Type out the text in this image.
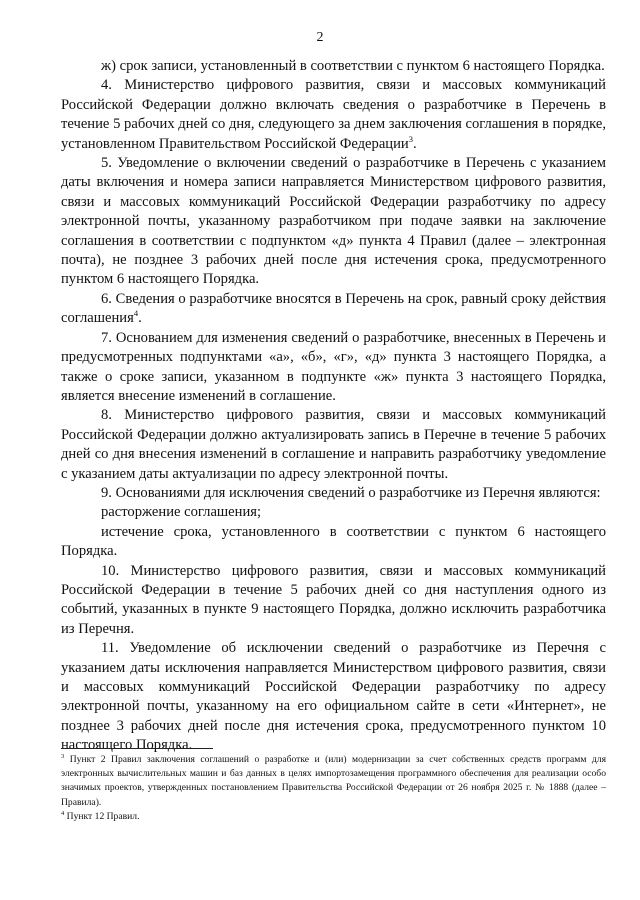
2

ж) срок записи, установленный в соответствии с пунктом 6 настоящего Порядка.

4. Министерство цифрового развития, связи и массовых коммуникаций Российской Федерации должно включать сведения о разработчике в Перечень в течение 5 рабочих дней со дня, следующего за днем заключения соглашения в порядке, установленном Правительством Российской Федерации$^3$.

5. Уведомление о включении сведений о разработчике в Перечень с указанием даты включения и номера записи направляется Министерством цифрового развития, связи и массовых коммуникаций Российской Федерации разработчику по адресу электронной почты, указанному разработчиком при подаче заявки на заключение соглашения в соответствии с подпунктом «д» пункта 4 Правил (далее – электронная почта), не позднее 3 рабочих дней после дня истечения срока, предусмотренного пунктом 6 настоящего Порядка.

6. Сведения о разработчике вносятся в Перечень на срок, равный сроку действия соглашения$^4$.

7. Основанием для изменения сведений о разработчике, внесенных в Перечень и предусмотренных подпунктами «а», «б», «г», «д» пункта 3 настоящего Порядка, а также о сроке записи, указанном в подпункте «ж» пункта 3 настоящего Порядка, является внесение изменений в соглашение.

8. Министерство цифрового развития, связи и массовых коммуникаций Российской Федерации должно актуализировать запись в Перечне в течение 5 рабочих дней со дня внесения изменений в соглашение и направить разработчику уведомление с указанием даты актуализации по адресу электронной почты.

9. Основаниями для исключения сведений о разработчике из Перечня являются:

расторжение соглашения;

истечение срока, установленного в соответствии с пунктом 6 настоящего Порядка.

10. Министерство цифрового развития, связи и массовых коммуникаций Российской Федерации в течение 5 рабочих дней со дня наступления одного из событий, указанных в пункте 9 настоящего Порядка, должно исключить разработчика из Перечня.

11. Уведомление об исключении сведений о разработчике из Перечня с указанием даты исключения направляется Министерством цифрового развития, связи и массовых коммуникаций Российской Федерации разработчику по адресу электронной почты, указанному на его официальном сайте в сети «Интернет», не позднее 3 рабочих дней после дня истечения срока, предусмотренного пунктом 10 настоящего Порядка.

$^3$ Пункт 2 Правил заключения соглашений о разработке и (или) модернизации за счет собственных средств программ для электронных вычислительных машин и баз данных в целях импортозамещения программного обеспечения для реализации особо значимых проектов, утвержденных постановлением Правительства Российской Федерации от 26 ноября 2025 г. № 1888 (далее – Правила).

$^4$ Пункт 12 Правил.
